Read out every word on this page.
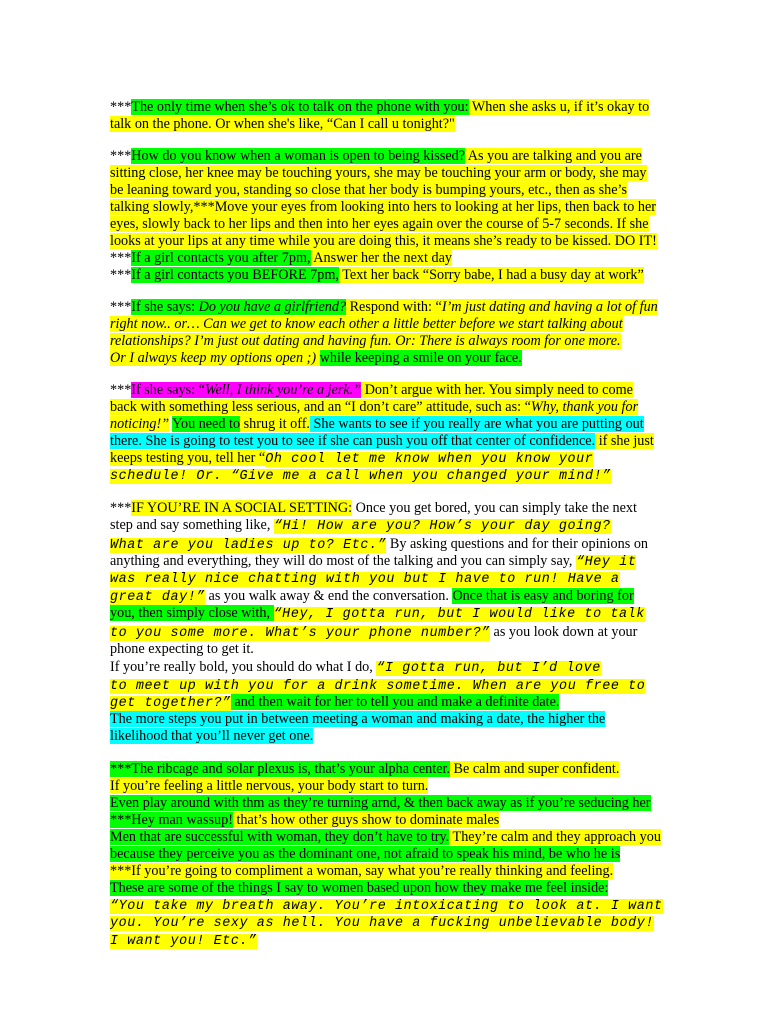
***The only time when she’s ok to talk on the phone with you: When she asks u, if it’s okay to
talk on the phone. Or when she's like, “Can I call u tonight?"
***How do you know when a woman is open to being kissed? As you are talking and you are
sitting close, her knee may be touching yours, she may be touching your arm or body, she may
be leaning toward you, standing so close that her body is bumping yours, etc., then as she’s
talking slowly,***Move your eyes from looking into hers to looking at her lips, then back to her
eyes, slowly back to her lips and then into her eyes again over the course of 5-7 seconds. If she
looks at your lips at any time while you are doing this, it means she’s ready to be kissed. DO IT!
***If a girl contacts you after 7pm, Answer her the next day
***If a girl contacts you BEFORE 7pm, Text her back “Sorry babe, I had a busy day at work”
***If she says: Do you have a girlfriend? Respond with: “I’m just dating and having a lot of fun
right now.. or… Can we get to know each other a little better before we start talking about
relationships? I’m just out dating and having fun. Or: There is always room for one more.
Or I always keep my options open ;) while keeping a smile on your face.
***If she says: “Well, I think you’re a jerk.” Don’t argue with her. You simply need to come
back with something less serious, and an “I don’t care” attitude, such as: “Why, thank you for
noticing!” You need to shrug it off. She wants to see if you really are what you are putting out
there. She is going to test you to see if she can push you off that center of confidence. if she just
keeps testing you, tell her “Oh cool let me know when you know your
schedule! Or. “Give me a call when you changed your mind!”
***IF YOU’RE IN A SOCIAL SETTING: Once you get bored, you can simply take the next
step and say something like, “Hi! How are you? How’s your day going?
What are you ladies up to? Etc.” By asking questions and for their opinions on
anything and everything, they will do most of the talking and you can simply say, “Hey it
was really nice chatting with you but I have to run! Have a
great day!” as you walk away & end the conversation. Once that is easy and boring for
you, then simply close with, “Hey, I gotta run, but I would like to talk
to you some more. What’s your phone number?” as you look down at your
phone expecting to get it.
If you’re really bold, you should do what I do, “I gotta run, but I’d love
to meet up with you for a drink sometime. When are you free to
get together?” and then wait for her to tell you and make a definite date.
The more steps you put in between meeting a woman and making a date, the higher the
likelihood that you’ll never get one.
***The ribcage and solar plexus is, that’s your alpha center. Be calm and super confident.
If you’re feeling a little nervous, your body start to turn.
Even play around with thm as they’re turning arnd, & then back away as if you’re seducing her
***Hey man wassup! that’s how other guys show to dominate males
Men that are successful with woman, they don’t have to try. They’re calm and they approach you
because they perceive you as the dominant one, not afraid to speak his mind, be who he is
***If you’re going to compliment a woman, say what you’re really thinking and feeling.
These are some of the things I say to women based upon how they make me feel inside:
“You take my breath away. You’re intoxicating to look at. I want
you. You’re sexy as hell. You have a fucking unbelievable body!
I want you! Etc.”
